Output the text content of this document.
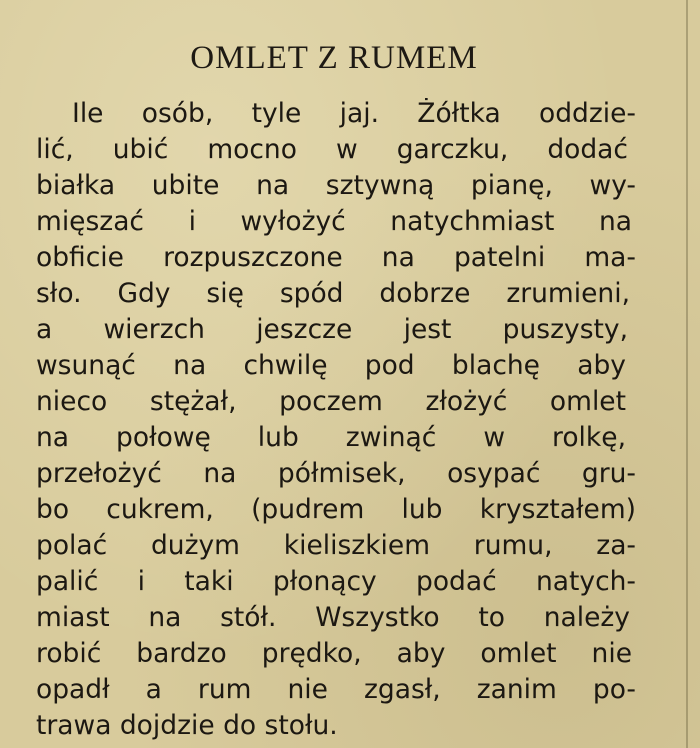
OMLET Z RUMEM
Ile osób, tyle jaj. Żółtka oddzie-
lić, ubić mocno w garczku, dodać
białka ubite na sztywną pianę, wy-
mięszać i wyłożyć natychmiast na
obficie rozpuszczone na patelni ma-
sło. Gdy się spód dobrze zrumieni,
a wierzch jeszcze jest puszysty,
wsunąć na chwilę pod blachę aby
nieco stężał, poczem złożyć omlet
na połowę lub zwinąć w rolkę,
przełożyć na półmisek, osypać gru-
bo cukrem, (pudrem lub kryształem)
polać dużym kieliszkiem rumu, za-
palić i taki płonący podać natych-
miast na stół. Wszystko to należy
robić bardzo prędko, aby omlet nie
opadł a rum nie zgasł, zanim po-
trawa dojdzie do stołu.
